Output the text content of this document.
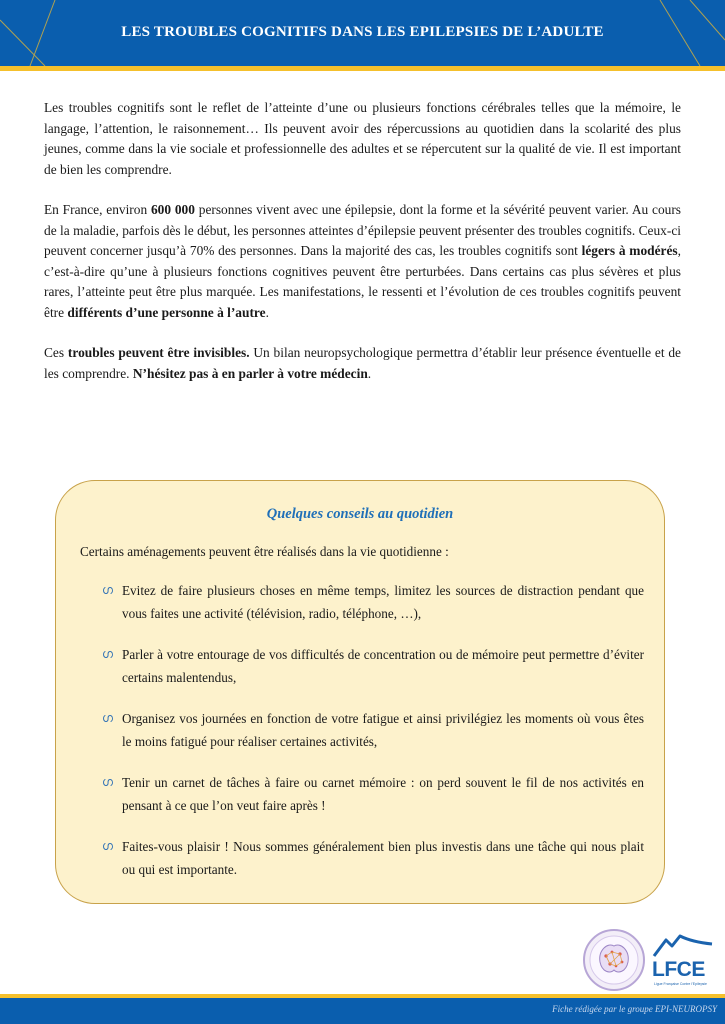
LES TROUBLES COGNITIFS DANS LES EPILEPSIES DE L’ADULTE

Les troubles cognitifs sont le reflet de l’atteinte d’une ou plusieurs fonctions cérébrales telles que la mémoire, le langage, l’attention, le raisonnement… Ils peuvent avoir des répercussions au quotidien dans la scolarité des plus jeunes, comme dans la vie sociale et professionnelle des adultes et se répercutent sur la qualité de vie. Il est important de bien les comprendre.

En France, environ 600 000 personnes vivent avec une épilepsie, dont la forme et la sévérité peuvent varier. Au cours de la maladie, parfois dès le début, les personnes atteintes d’épilepsie peuvent présenter des troubles cognitifs. Ceux-ci peuvent concerner jusqu’à 70% des personnes. Dans la majorité des cas, les troubles cognitifs sont légers à modérés, c’est-à-dire qu’une à plusieurs fonctions cognitives peuvent être perturbées. Dans certains cas plus sévères et plus rares, l’atteinte peut être plus marquée. Les manifestations, le ressenti et l’évolution de ces troubles cognitifs peuvent être différents d’une personne à l’autre.

Ces troubles peuvent être invisibles. Un bilan neuropsychologique permettra d’établir leur présence éventuelle et de les comprendre. N’hésitez pas à en parler à votre médecin.

Quelques conseils au quotidien
Certains aménagements peuvent être réalisés dans la vie quotidienne :
ഗ Evitez de faire plusieurs choses en même temps, limitez les sources de distraction pendant que vous faites une activité (télévision, radio, téléphone, …),
ഗ Parler à votre entourage de vos difficultés de concentration ou de mémoire peut permettre d’éviter certains malentendus,
ഗ Organisez vos journées en fonction de votre fatigue et ainsi privilégiez les moments où vous êtes le moins fatigué pour réaliser certaines activités,
ഗ Tenir un carnet de tâches à faire ou carnet mémoire : on perd souvent le fil de nos activités en pensant à ce que l’on veut faire après !
ഗ Faites-vous plaisir ! Nous sommes généralement bien plus investis dans une tâche qui nous plait ou qui est importante.
LFCE
Ligue Française Contre l'Epilepsie
Fiche rédigée par le groupe EPI-NEUROPSY
